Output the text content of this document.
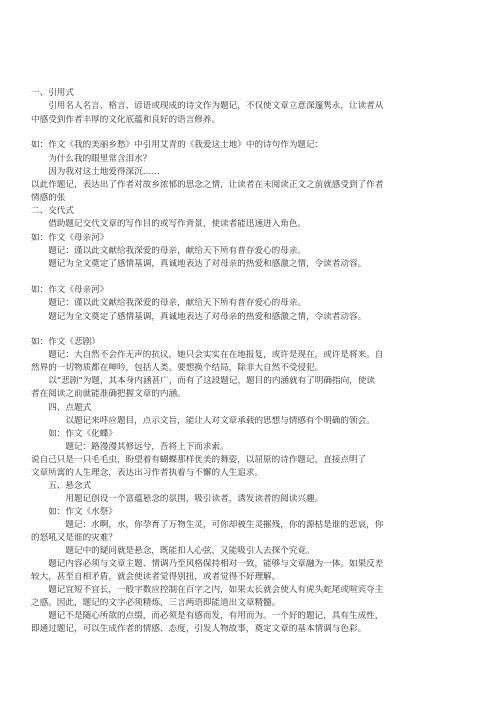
一、引用式
　　引用名人名言、格言、谚语或现成的诗文作为题记，不仅使文章立意深邃隽永，让读者从
中感受到作者丰厚的文化底蕴和良好的语言修养。
如：作文《我的美丽乡愁》中引用艾青的《我爱这土地》中的诗句作为题记：
　　为什么我的眼里常含泪水？
　　因为我对这土地爱得深沉……
以此作题记，表达出了作者对故乡浓郁的思念之情，让读者在未阅读正文之前就感受到了作者
情感的张
二、交代式
　　借助题记交代文章的写作目的或写作背景，使读者能迅速进入角色。
如：作文《母亲河》
　　题记：谨以此文献给我深爱的母亲，献给天下所有普存爱心的母亲。
　　题记为全文奠定了感情基调，真诚地表达了对母亲的热爱和感激之情，令读者动容。
如：作文《母亲河》
　　题记：谨以此文献给我深爱的母亲，献给天下所有普存爱心的母亲。
　　题记为全文奠定了感情基调，真诚地表达了对母亲的热爱和感激之情，令读者动容。
如：作文《悲剧》
　　题记：大自然不会作无声的抗议，她只会实实在在地报复，或许是现在，或许是将来。自
然界的一切物质都在呻吟，包括人类。要想换个结局，除非大自然不受侵犯。
　　以“悲剧”为题，其本身内涵甚广，而有了这段题记，题目的内涵就有了明确指向，使读
者在阅读之前就能准确把握文章的内涵。
　　四、点题式
　　　　以题记来呼应题目，点示文旨，能让人对文章承载的思想与情感有个明确的领会。
　　如：作文《化蝶》
　　　　题记：路漫漫其修远兮，吾将上下而求索。
说自己只是一只毛毛虫，盼望着有蝴蝶那样优美的舞姿，以屈原的诗作题记，直接点明了
文章所寓的人生理念，表达出习作者执着与不懈的人生追求。
　　五、悬念式
　　　　用题记创设一个富蕴悬念的氛围，吸引读者，诱发读者的阅读兴趣。
　　如：作文《水祭》
　　　　题记：水啊，水，你孕育了万物生灵，可你却被生灵摧残，你的源枯是谁的悲哀，你
的怒吼又是谁的灾难？
　　　　题记中的疑问就是悬念，既能扣人心弦，又能吸引人去探个究竟。
　　题记内容必须与文章主题、情调乃至风格保持相对一致，能够与文章融为一体。如果反差
较大，甚至自相矛盾，就会使读者觉得别扭，或者觉得不好理解。
　　题记宜短不宜长，一般字数应控制在百字之内，如果太长就会使人有虎头蛇尾或喧宾夺主
之感。因此，题记的文字必须精炼，三言两语即能道出文章精髓。
　　题记不是随心所欲的点缀，而必须是有感而发，有用而为。一个好的题记，具有生成性，
即通过题记，可以生成作者的情感、态度，引发人物故事，奠定文章的基本情调与色彩。
